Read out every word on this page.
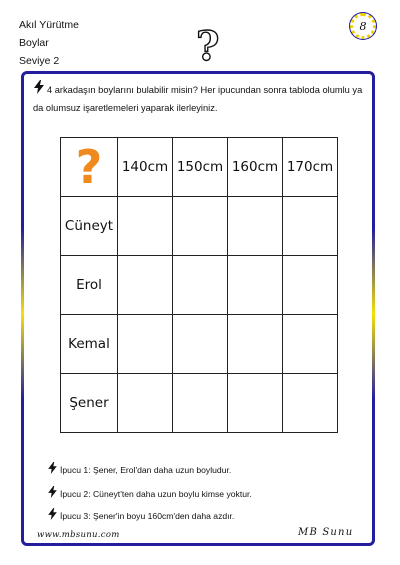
Akıl Yürütme
Boylar
Seviye 2	?	8
4 arkadaşın boylarını bulabilir misin? Her ipucundan sonra tabloda olumlu ya da olumsuz işaretlemeleri yaparak ilerleyiniz.
?	140cm	150cm	160cm	170cm
Cüneyt				
Erol				
Kemal				
Şener				
İpucu 1: Şener, Erol'dan daha uzun boyludur.
İpucu 2: Cüneyt'ten daha uzun boylu kimse yoktur.
İpucu 3: Şener'in boyu 160cm'den daha azdır.
www.mbsunu.com	MB Sunu
